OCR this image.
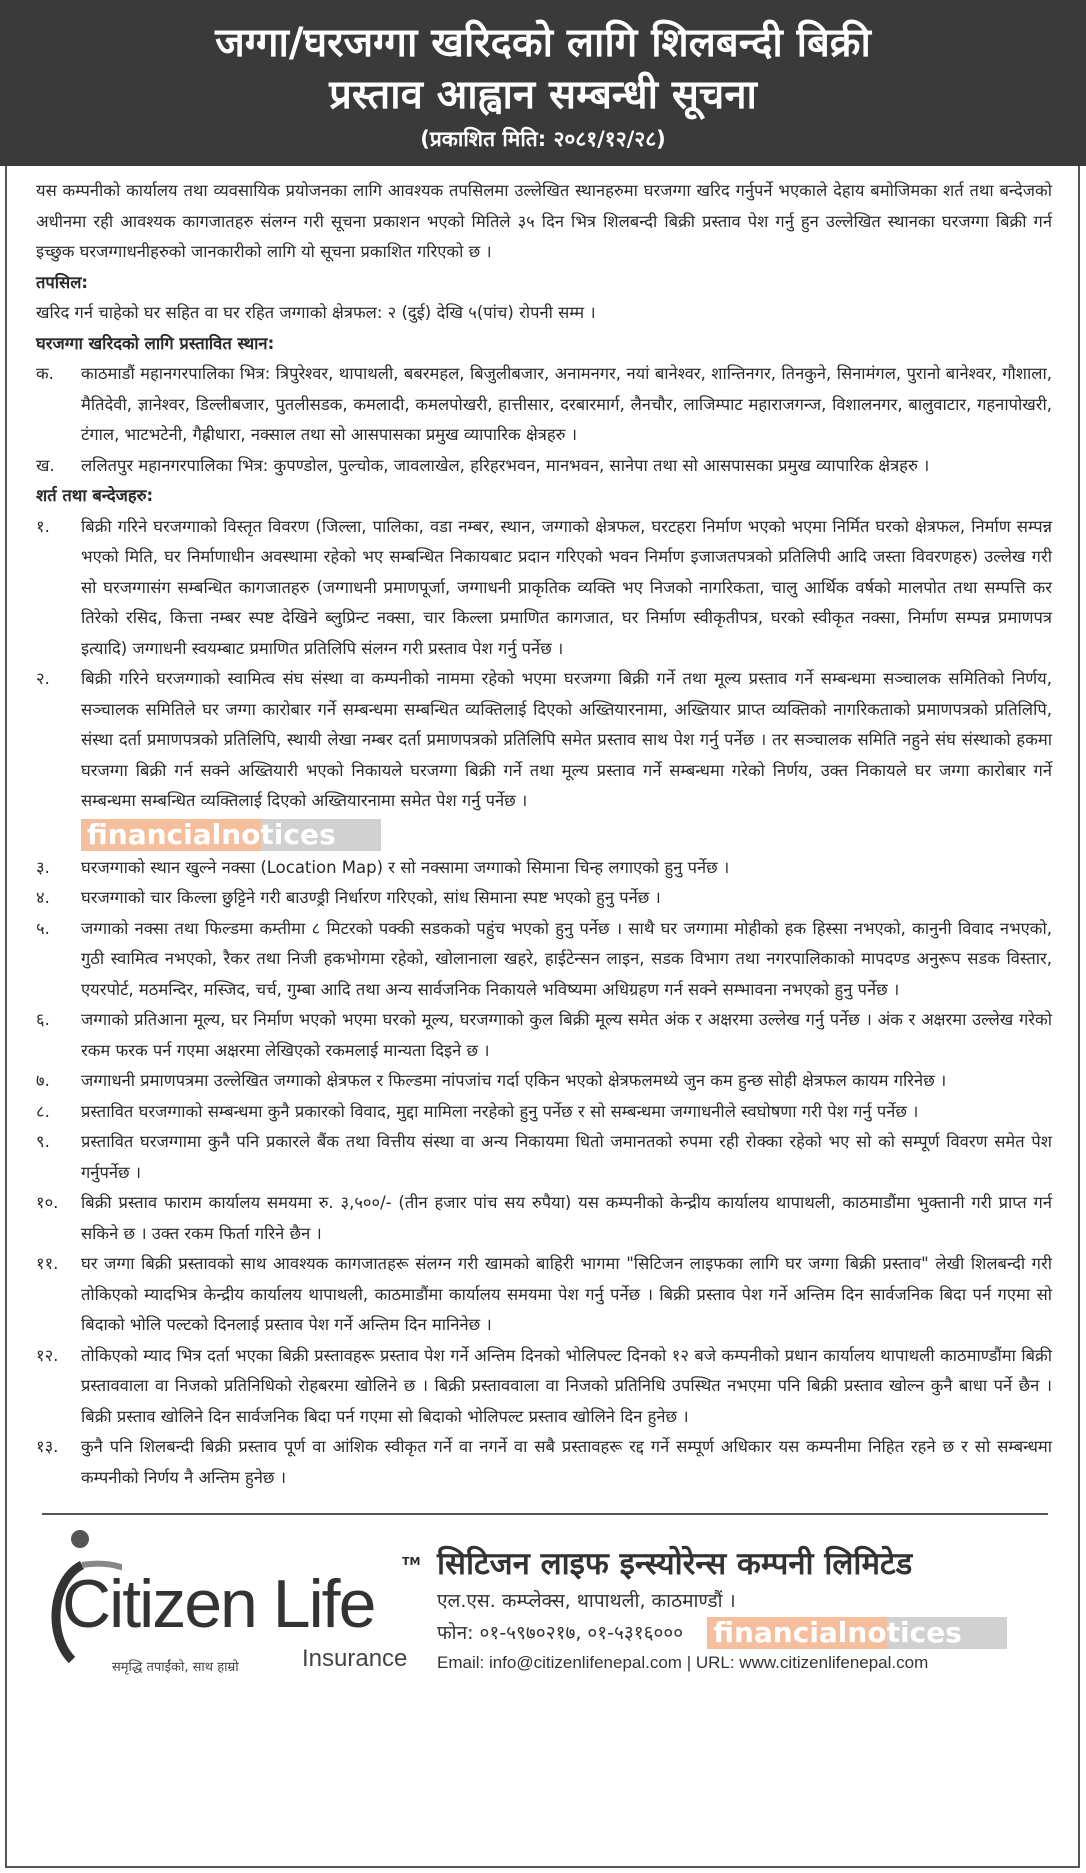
जग्गा/घरजग्गा खरिदको लागि शिलबन्दी बिक्री
प्रस्ताव आह्वान सम्बन्धी सूचना
(प्रकाशित मिति: २०८१/१२/२८)

यस कम्पनीको कार्यालय तथा व्यवसायिक प्रयोजनका लागि आवश्यक तपसिलमा उल्लेखित स्थानहरुमा घरजग्गा खरिद गर्नुपर्ने भएकाले देहाय बमोजिमका शर्त तथा बन्देजको अधीनमा रही आवश्यक कागजातहरु संलग्न गरी सूचना प्रकाशन भएको मितिले ३५ दिन भित्र शिलबन्दी बिक्री प्रस्ताव पेश गर्नु हुन उल्लेखित स्थानका घरजग्गा बिक्री गर्न इच्छुक घरजग्गाधनीहरुको जानकारीको लागि यो सूचना प्रकाशित गरिएको छ ।

तपसिल:

खरिद गर्न चाहेको घर सहित वा घर रहित जग्गाको क्षेत्रफल: २ (दुई) देखि ५(पांच) रोपनी सम्म ।

घरजग्गा खरिदको लागि प्रस्तावित स्थान:

क.	काठमाडौं महानगरपालिका भित्र: त्रिपुरेश्वर, थापाथली, बबरमहल, बिजुलीबजार, अनामनगर, नयां बानेश्वर, शान्तिनगर, तिनकुने, सिनामंगल, पुरानो बानेश्वर, गौशाला, मैतिदेवी, ज्ञानेश्वर, डिल्लीबजार, पुतलीसडक, कमलादी, कमलपोखरी, हात्तीसार, दरबारमार्ग, लैनचौर, लाजिम्पाट महाराजगन्ज, विशालनगर, बालुवाटार, गहनापोखरी, टंगाल, भाटभटेनी, गैह्रीधारा, नक्साल तथा सो आसपासका प्रमुख व्यापारिक क्षेत्रहरु ।
ख.	ललितपुर महानगरपालिका भित्र: कुपण्डोल, पुल्चोक, जावलाखेल, हरिहरभवन, मानभवन, सानेपा तथा सो आसपासका प्रमुख व्यापारिक क्षेत्रहरु ।

शर्त तथा बन्देजहरु:

१.	बिक्री गरिने घरजग्गाको विस्तृत विवरण (जिल्ला, पालिका, वडा नम्बर, स्थान, जग्गाको क्षेत्रफल, घरटहरा निर्माण भएको भएमा निर्मित घरको क्षेत्रफल, निर्माण सम्पन्न भएको मिति, घर निर्माणाधीन अवस्थामा रहेको भए सम्बन्धित निकायबाट प्रदान गरिएको भवन निर्माण इजाजतपत्रको प्रतिलिपी आदि जस्ता विवरणहरु) उल्लेख गरी सो घरजग्गासंग सम्बन्धित कागजातहरु (जग्गाधनी प्रमाणपूर्जा, जग्गाधनी प्राकृतिक व्यक्ति भए निजको नागरिकता, चालु आर्थिक वर्षको मालपोत तथा सम्पत्ति कर तिरेको रसिद, कित्ता नम्बर स्पष्ट देखिने ब्लुप्रिन्ट नक्सा, चार किल्ला प्रमाणित कागजात, घर निर्माण स्वीकृतीपत्र, घरको स्वीकृत नक्सा, निर्माण सम्पन्न प्रमाणपत्र इत्यादि) जग्गाधनी स्वयम्बाट प्रमाणित प्रतिलिपि संलग्न गरी प्रस्ताव पेश गर्नु पर्नेछ ।
२.	बिक्री गरिने घरजग्गाको स्वामित्व संघ संस्था वा कम्पनीको नाममा रहेको भएमा घरजग्गा बिक्री गर्ने तथा मूल्य प्रस्ताव गर्ने सम्बन्धमा सञ्चालक समितिको निर्णय, सञ्चालक समितिले घर जग्गा कारोबार गर्ने सम्बन्धमा सम्बन्धित व्यक्तिलाई दिएको अख्तियारनामा, अख्तियार प्राप्त व्यक्तिको नागरिकताको प्रमाणपत्रको प्रतिलिपि, संस्था दर्ता प्रमाणपत्रको प्रतिलिपि, स्थायी लेखा नम्बर दर्ता प्रमाणपत्रको प्रतिलिपि समेत प्रस्ताव साथ पेश गर्नु पर्नेछ । तर सञ्चालक समिति नहुने संघ संस्थाको हकमा घरजग्गा बिक्री गर्न सक्ने अख्तियारी भएको निकायले घरजग्गा बिक्री गर्ने तथा मूल्य प्रस्ताव गर्ने सम्बन्धमा गरेको निर्णय, उक्त निकायले घर जग्गा कारोबार गर्ने सम्बन्धमा सम्बन्धित व्यक्तिलाई दिएको अख्तियारनामा समेत पेश गर्नु पर्नेछ ।
financialnotices
३.	घरजग्गाको स्थान खुल्ने नक्सा (Location Map) र सो नक्सामा जग्गाको सिमाना चिन्ह लगाएको हुनु पर्नेछ ।
४.	घरजग्गाको चार किल्ला छुट्टिने गरी बाउण्ड्री निर्धारण गरिएको, सांध सिमाना स्पष्ट भएको हुनु पर्नेछ ।
५.	जग्गाको नक्सा तथा फिल्डमा कम्तीमा ८ मिटरको पक्की सडकको पहुंच भएको हुनु पर्नेछ । साथै घर जग्गामा मोहीको हक हिस्सा नभएको, कानुनी विवाद नभएको, गुठी स्वामित्व नभएको, रैकर तथा निजी हकभोगमा रहेको, खोलानाला खहरे, हाईटेन्सन लाइन, सडक विभाग तथा नगरपालिकाको मापदण्ड अनुरूप सडक विस्तार, एयरपोर्ट, मठमन्दिर, मस्जिद, चर्च, गुम्बा आदि तथा अन्य सार्वजनिक निकायले भविष्यमा अधिग्रहण गर्न सक्ने सम्भावना नभएको हुनु पर्नेछ ।
६.	जग्गाको प्रतिआना मूल्य, घर निर्माण भएको भएमा घरको मूल्य, घरजग्गाको कुल बिक्री मूल्य समेत अंक र अक्षरमा उल्लेख गर्नु पर्नेछ । अंक र अक्षरमा उल्लेख गरेको रकम फरक पर्न गएमा अक्षरमा लेखिएको रकमलाई मान्यता दिइने छ ।
७.	जग्गाधनी प्रमाणपत्रमा उल्लेखित जग्गाको क्षेत्रफल र फिल्डमा नांपजांच गर्दा एकिन भएको क्षेत्रफलमध्ये जुन कम हुन्छ सोही क्षेत्रफल कायम गरिनेछ ।
८.	प्रस्तावित घरजग्गाको सम्बन्धमा कुनै प्रकारको विवाद, मुद्दा मामिला नरहेको हुनु पर्नेछ र सो सम्बन्धमा जग्गाधनीले स्वघोषणा गरी पेश गर्नु पर्नेछ ।
९.	प्रस्तावित घरजग्गामा कुनै पनि प्रकारले बैंक तथा वित्तीय संस्था वा अन्य निकायमा धितो जमानतको रुपमा रही रोक्का रहेको भए सो को सम्पूर्ण विवरण समेत पेश गर्नुपर्नेछ ।
१०.	बिक्री प्रस्ताव फाराम कार्यालय समयमा रु. ३,५००/- (तीन हजार पांच सय रुपैया) यस कम्पनीको केन्द्रीय कार्यालय थापाथली, काठमाडौंमा भुक्तानी गरी प्राप्त गर्न सकिने छ । उक्त रकम फिर्ता गरिने छैन ।
११.	घर जग्गा बिक्री प्रस्तावको साथ आवश्यक कागजातहरू संलग्न गरी खामको बाहिरी भागमा "सिटिजन लाइफका लागि घर जग्गा बिक्री प्रस्ताव" लेखी शिलबन्दी गरी तोकिएको म्यादभित्र केन्द्रीय कार्यालय थापाथली, काठमाडौंमा कार्यालय समयमा पेश गर्नु पर्नेछ । बिक्री प्रस्ताव पेश गर्ने अन्तिम दिन सार्वजनिक बिदा पर्न गएमा सो बिदाको भोलि पल्टको दिनलाई प्रस्ताव पेश गर्ने अन्तिम दिन मानिनेछ ।
१२.	तोकिएको म्याद भित्र दर्ता भएका बिक्री प्रस्तावहरू प्रस्ताव पेश गर्ने अन्तिम दिनको भोलिपल्ट दिनको १२ बजे कम्पनीको प्रधान कार्यालय थापाथली काठमाण्डौंमा बिक्री प्रस्ताववाला वा निजको प्रतिनिधिको रोहबरमा खोलिने छ । बिक्री प्रस्ताववाला वा निजको प्रतिनिधि उपस्थित नभएमा पनि बिक्री प्रस्ताव खोल्न कुनै बाधा पर्ने छैन । बिक्री प्रस्ताव खोलिने दिन सार्वजनिक बिदा पर्न गएमा सो बिदाको भोलिपल्ट प्रस्ताव खोलिने दिन हुनेछ ।
१३.	कुनै पनि शिलबन्दी बिक्री प्रस्ताव पूर्ण वा आंशिक स्वीकृत गर्ने वा नगर्ने वा सबै प्रस्तावहरू रद्द गर्ने सम्पूर्ण अधिकार यस कम्पनीमा निहित रहने छ र सो सम्बन्धमा कम्पनीको निर्णय नै अन्तिम हुनेछ ।
Citizen Life
TM
समृद्धि तपाईंको, साथ हाम्रो	Insurance
सिटिजन लाइफ इन्स्योरेन्स कम्पनी लिमिटेड
एल.एस. कम्प्लेक्स, थापाथली, काठमाण्डौं ।
फोन: ०१-५९७०२१७, ०१-५३१६००० financialnotices
Email: info@citizenlifenepal.com | URL: www.citizenlifenepal.com
